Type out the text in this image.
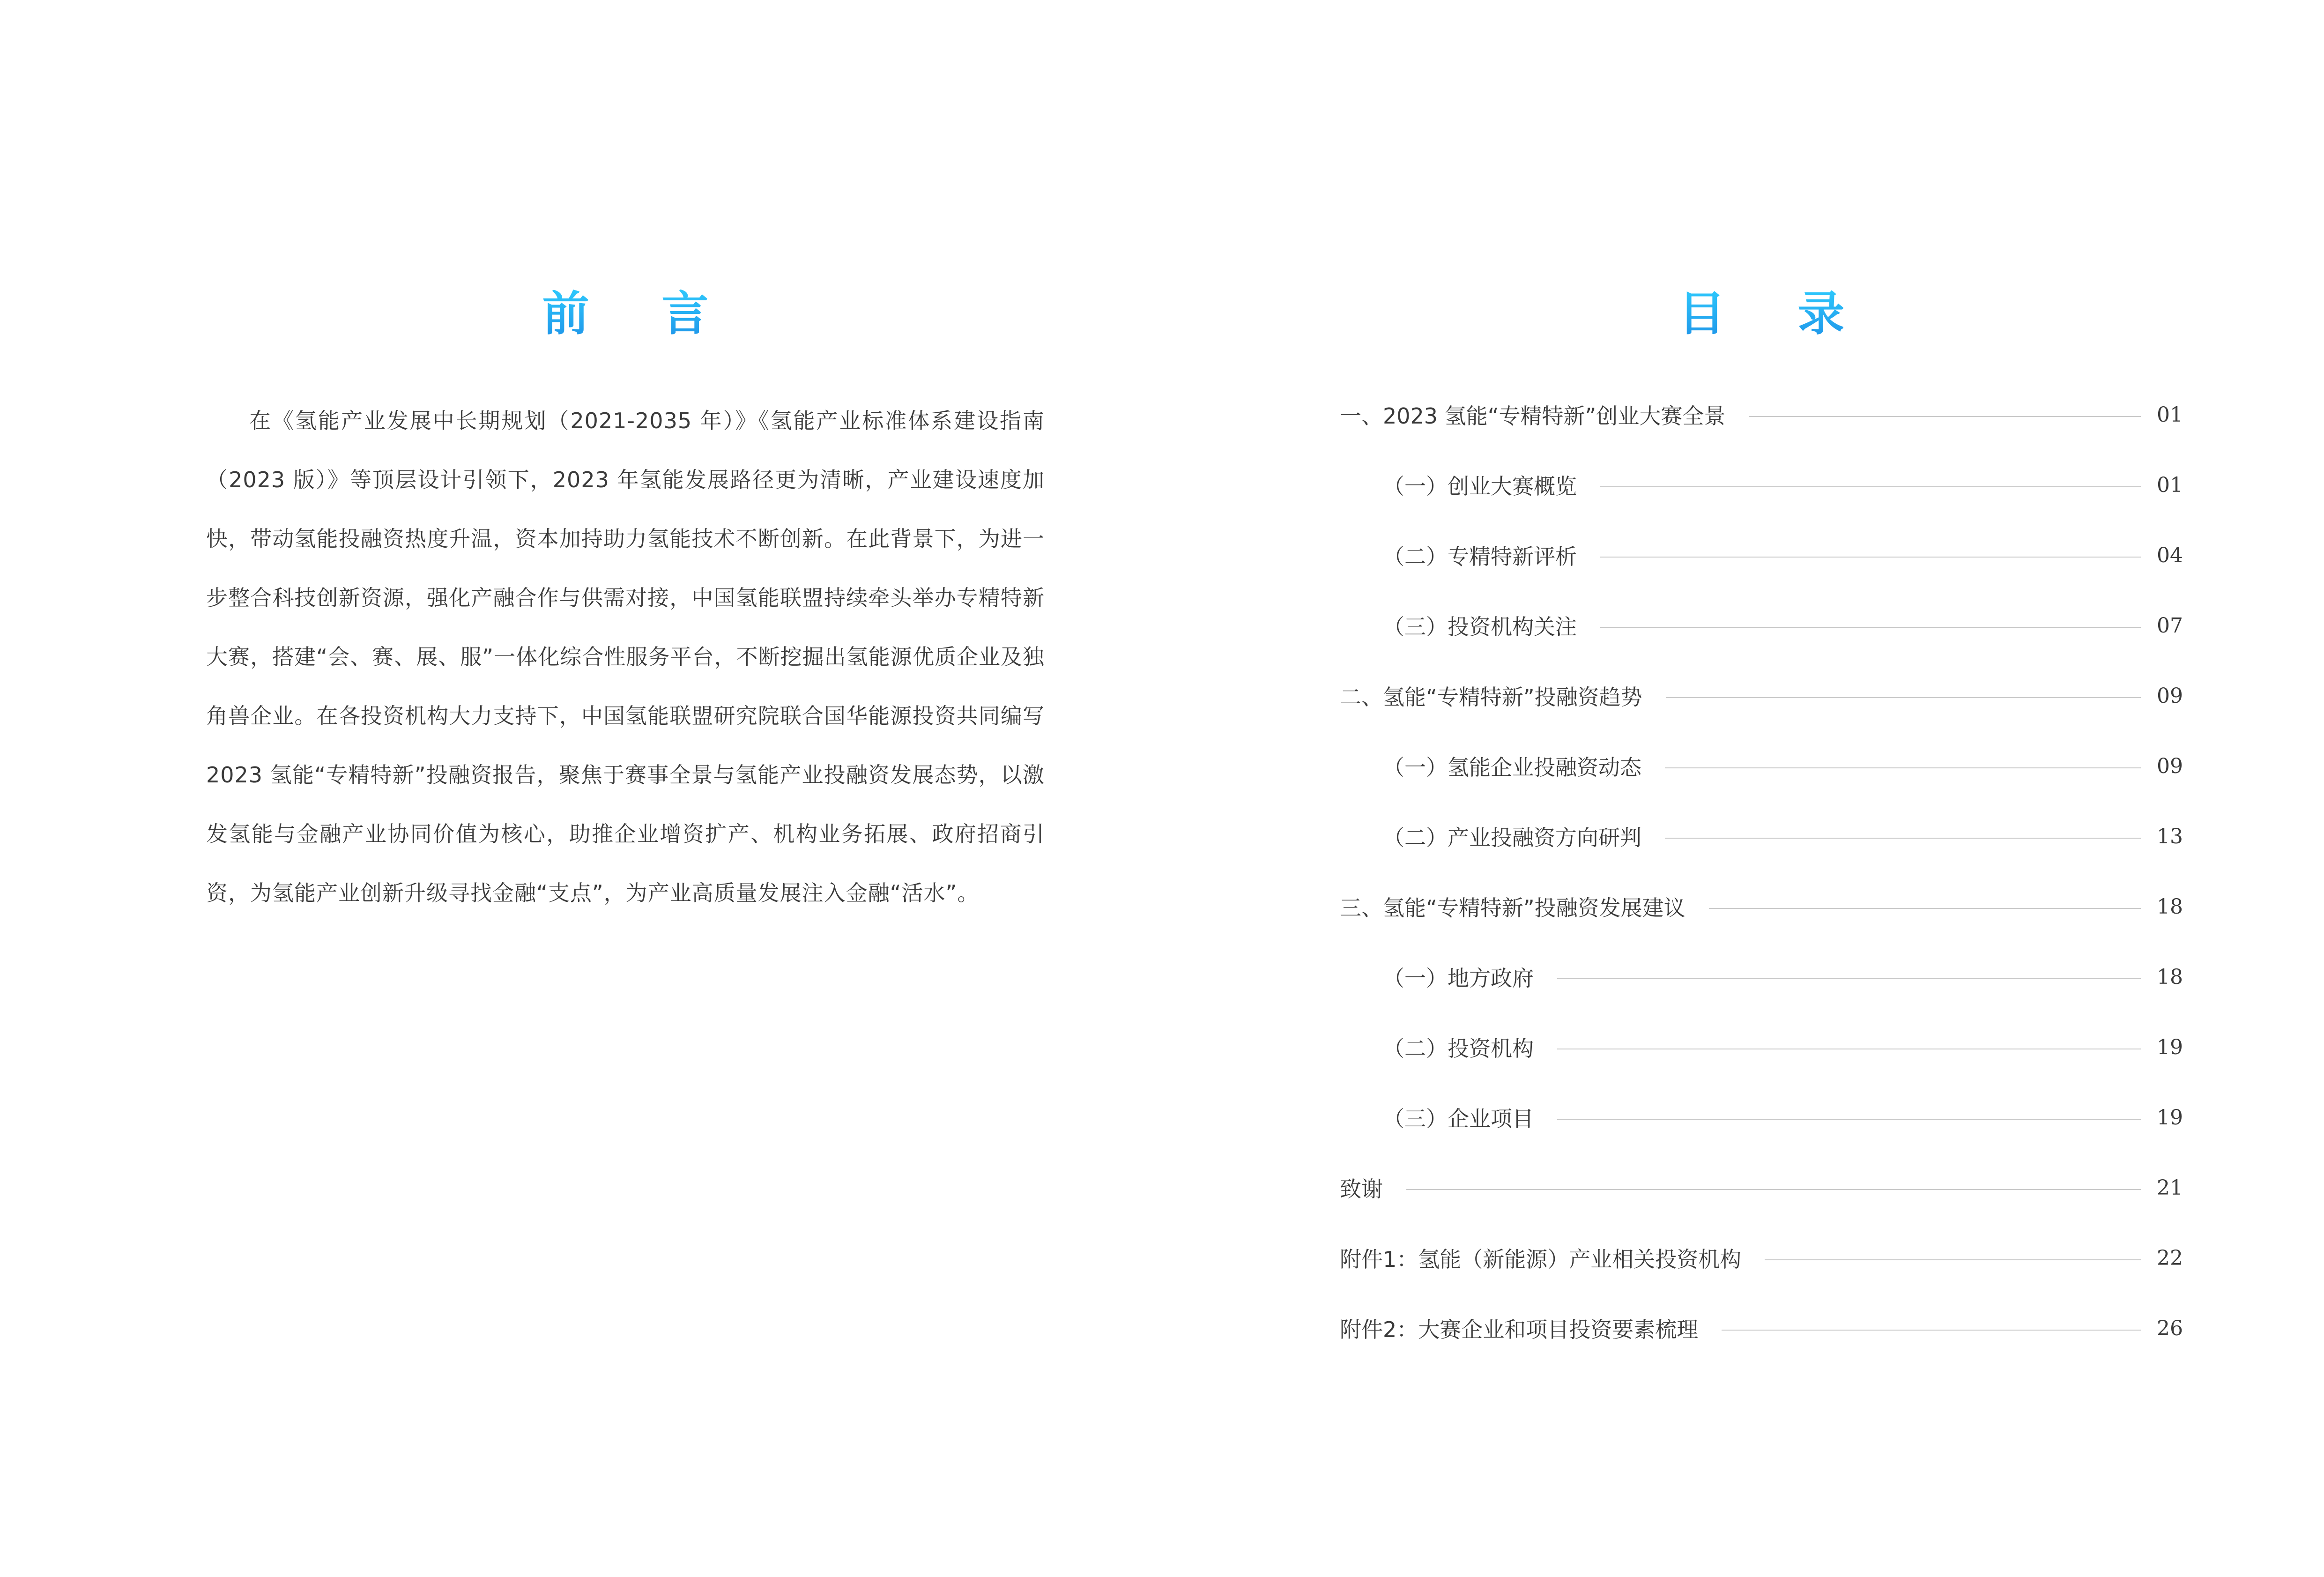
前 言

在《氢能产业发展中长期规划（2021-2035 年）》《氢能产业标准体系建设指南（2023 版）》等顶层设计引领下，2023 年氢能发展路径更为清晰，产业建设速度加快，带动氢能投融资热度升温，资本加持助力氢能技术不断创新。在此背景下，为进一步整合科技创新资源，强化产融合作与供需对接，中国氢能联盟持续牵头举办专精特新大赛，搭建“会、赛、展、服”一体化综合性服务平台，不断挖掘出氢能源优质企业及独角兽企业。在各投资机构大力支持下，中国氢能联盟研究院联合国华能源投资共同编写 2023 氢能“专精特新”投融资报告，聚焦于赛事全景与氢能产业投融资发展态势，以激发氢能与金融产业协同价值为核心，助推企业增资扩产、机构业务拓展、政府招商引资，为氢能产业创新升级寻找金融“支点”，为产业高质量发展注入金融“活水”。

目 录
一、2023 氢能“专精特新”创业大赛全景	01
（一）创业大赛概览	01
（二）专精特新评析	04
（三）投资机构关注	07
二、氢能“专精特新”投融资趋势	09
（一）氢能企业投融资动态	09
（二）产业投融资方向研判	13
三、氢能“专精特新”投融资发展建议	18
（一）地方政府	18
（二）投资机构	19
（三）企业项目	19
致谢	21
附件1：氢能（新能源）产业相关投资机构	22
附件2：大赛企业和项目投资要素梳理	26
